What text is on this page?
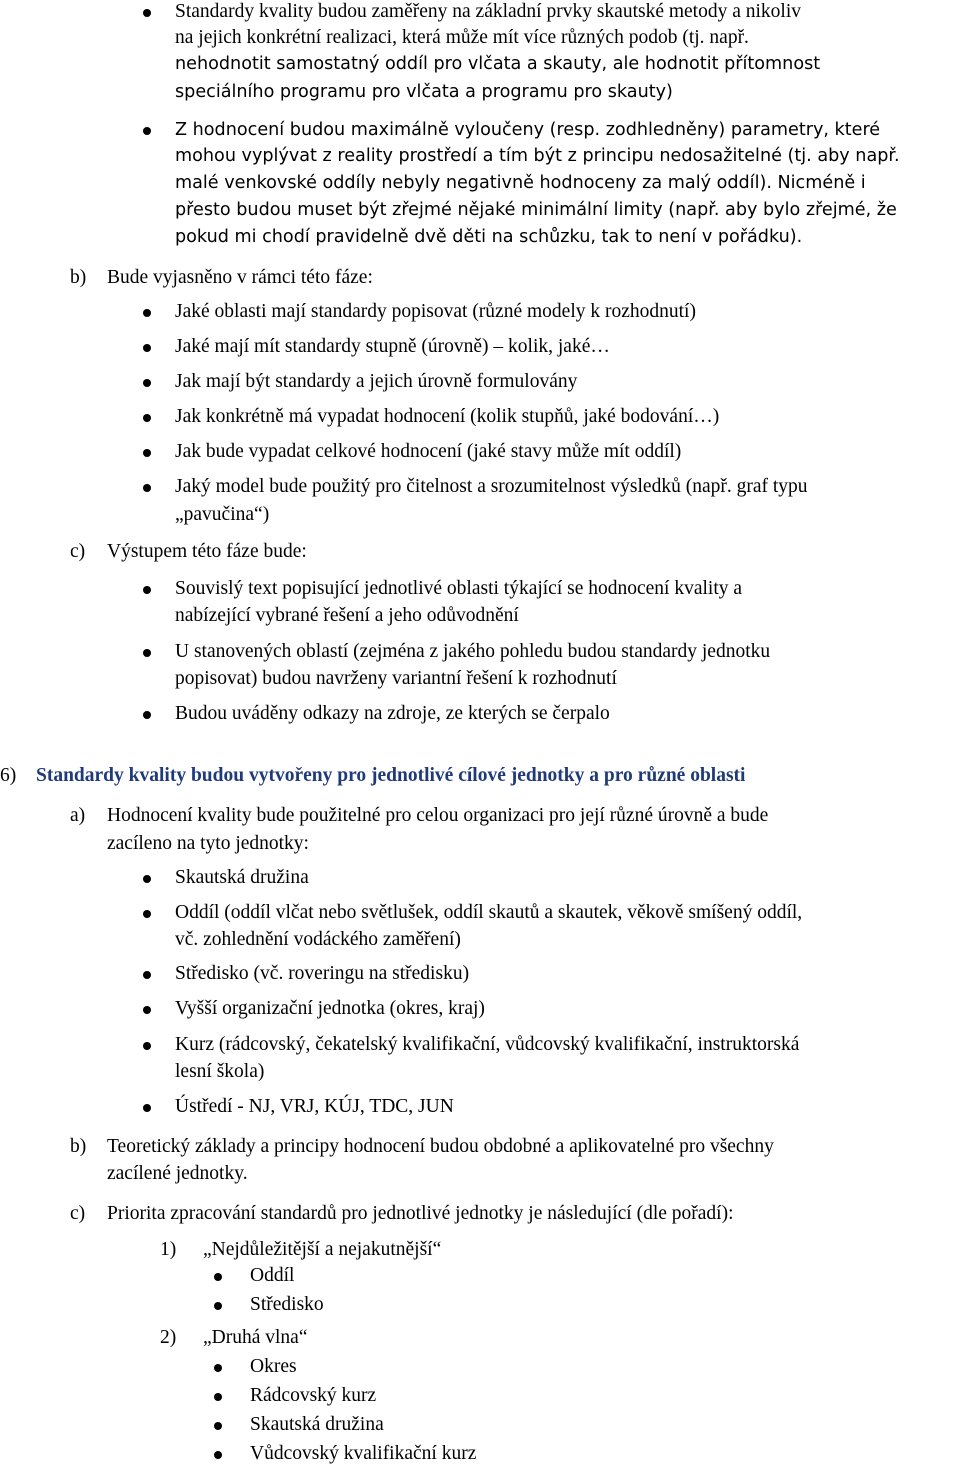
Standardy kvality budou zaměřeny na základní prvky skautské metody a nikoliv
na jejich konkrétní realizaci, která může mít více různých podob (tj. např.
nehodnotit samostatný oddíl pro vlčata a skauty, ale hodnotit přítomnost
speciálního programu pro vlčata a programu pro skauty)
Z hodnocení budou maximálně vyloučeny (resp. zodhledněny) parametry, které
mohou vyplývat z reality prostředí a tím být z principu nedosažitelné (tj. aby např.
malé venkovské oddíly nebyly negativně hodnoceny za malý oddíl). Nicméně i
přesto budou muset být zřejmé nějaké minimální limity (např. aby bylo zřejmé, že
pokud mi chodí pravidelně dvě děti na schůzku, tak to není v pořádku).
b) Bude vyjasněno v rámci této fáze:
Jaké oblasti mají standardy popisovat (různé modely k rozhodnutí)
Jaké mají mít standardy stupně (úrovně) – kolik, jaké…
Jak mají být standardy a jejich úrovně formulovány
Jak konkrétně má vypadat hodnocení (kolik stupňů, jaké bodování…)
Jak bude vypadat celkové hodnocení (jaké stavy může mít oddíl)
Jaký model bude použitý pro čitelnost a srozumitelnost výsledků (např. graf typu
„pavučina“)
c) Výstupem této fáze bude:
Souvislý text popisující jednotlivé oblasti týkající se hodnocení kvality a
nabízející vybrané řešení a jeho odůvodnění
U stanovených oblastí (zejména z jakého pohledu budou standardy jednotku
popisovat) budou navrženy variantní řešení k rozhodnutí
Budou uváděny odkazy na zdroje, ze kterých se čerpalo
6) Standardy kvality budou vytvořeny pro jednotlivé cílové jednotky a pro různé oblasti
a) Hodnocení kvality bude použitelné pro celou organizaci pro její různé úrovně a bude
zacíleno na tyto jednotky:
Skautská družina
Oddíl (oddíl vlčat nebo světlušek, oddíl skautů a skautek, věkově smíšený oddíl,
vč. zohlednění vodáckého zaměření)
Středisko (vč. roveringu na středisku)
Vyšší organizační jednotka (okres, kraj)
Kurz (rádcovský, čekatelský kvalifikační, vůdcovský kvalifikační, instruktorská
lesní škola)
Ústředí - NJ, VRJ, KÚJ, TDC, JUN
b) Teoretický základy a principy hodnocení budou obdobné a aplikovatelné pro všechny
zacílené jednotky.
c) Priorita zpracování standardů pro jednotlivé jednotky je následující (dle pořadí):
1) „Nejdůležitější a nejakutnější“
Oddíl
Středisko
2) „Druhá vlna“
Okres
Rádcovský kurz
Skautská družina
Vůdcovský kvalifikační kurz
